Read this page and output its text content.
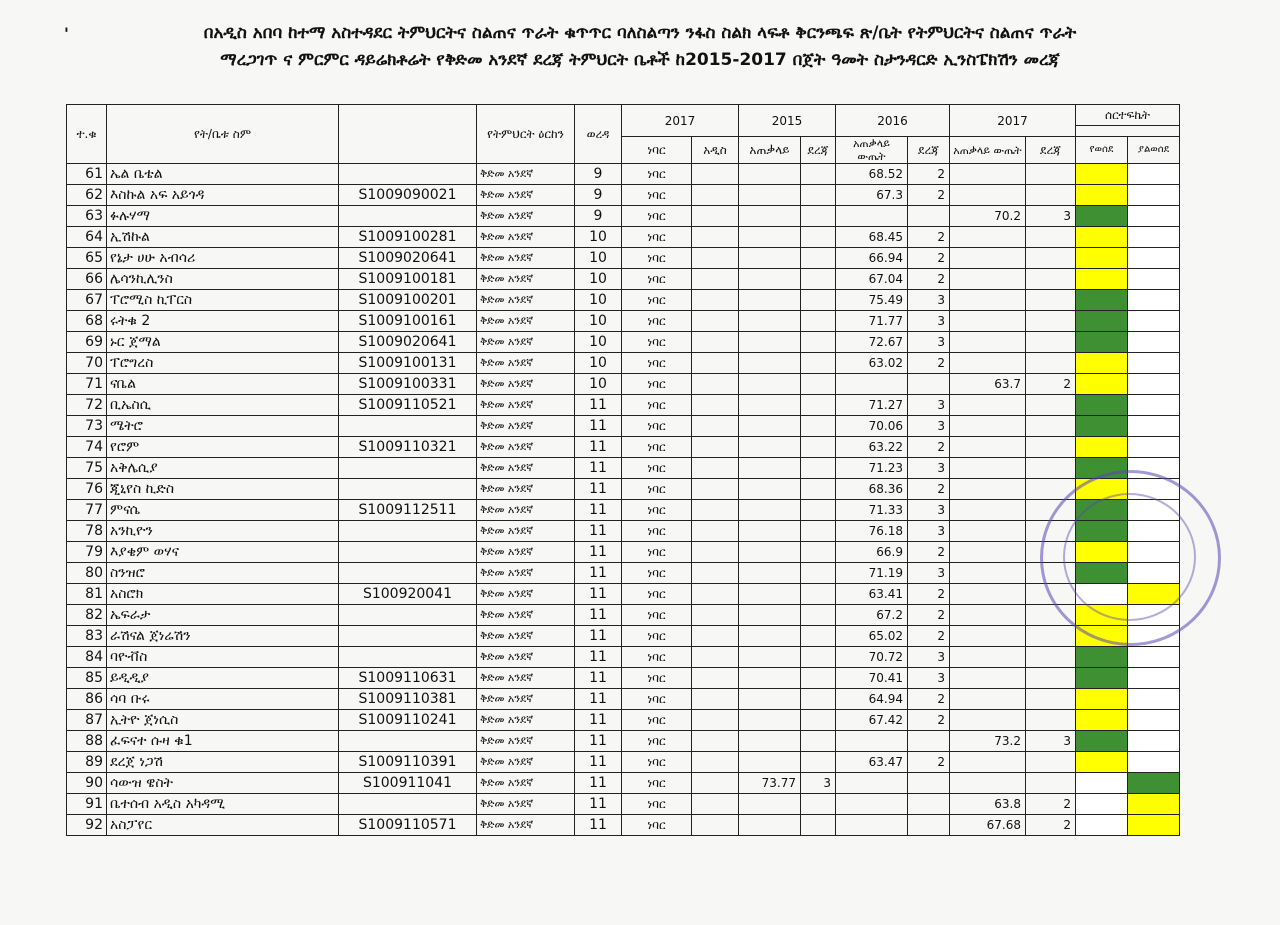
'	በአዲስ አበባ ከተማ አስተዳደር ትምህርትና ስልጠና ጥራት ቁጥጥር ባለስልጣን ንፋስ ስልክ ላፍቶ ቅርንጫፍ ጽ/ቤት የትምህርትና ስልጠና ጥራት
ማረጋገጥ ና ምርምር ዳይሬክቶሬት የቅድመ አንደኛ ደረጃ ትምህርት ቤቶች ከ2015-2017 በጀት ዓመት ስታንዳርድ ኢንስፔክሽን መረጃ
ተ.ቁ	የት/ቤቱ ስም		የትምህርት ዕርከን	ወረዳ	2017		2015		2016		2017		ሰርተፍኬት	

					ነባር	አዲስ	አጠቃላይ	ደረጃ	አጠቃላይ ውጤት	ደረጃ	አጠቃላይ ውጤት	ደረጃ	የወሰደ	ያልወሰደ
61	ኤል ቤቴል		ቅድመ አንደኛ	9	ነባር				68.52	2				
62	እስኩል አፍ አይጎዳ	S1009090021	ቅድመ አንደኛ	9	ነባር				67.3	2				
63	ፉሉሃማ		ቅድመ አንደኛ	9	ነባር						70.2	3		
64	ኢሽኩል	S1009100281	ቅድመ አንደኛ	10	ነባር				68.45	2				
65	የኔታ ሀሁ አብሳሪ	S1009020641	ቅድመ አንደኛ	10	ነባር				66.94	2				
66	ሌሳንኪሊንስ	S1009100181	ቅድመ አንደኛ	10	ነባር				67.04	2				
67	ፐሮሚስ ኪፐርስ	S1009100201	ቅድመ አንደኛ	10	ነባር				75.49	3				
68	ሩትቁ 2	S1009100161	ቅድመ አንደኛ	10	ነባር				71.77	3				
69	ኑር ጀማል	S1009020641	ቅድመ አንደኛ	10	ነባር				72.67	3				
70	ፐሮግረስ	S1009100131	ቅድመ አንደኛ	10	ነባር				63.02	2				
71	ናቤል	S1009100331	ቅድመ አንደኛ	10	ነባር						63.7	2		
72	ቢኤስሲ	S1009110521	ቅድመ አንደኛ	11	ነባር				71.27	3				
73	ሜትሮ		ቅድመ አንደኛ	11	ነባር				70.06	3				
74	የሮም	S1009110321	ቅድመ አንደኛ	11	ነባር				63.22	2				
75	አቅሌሲያ		ቅድመ አንደኛ	11	ነባር				71.23	3				
76	ጂኒየስ ኪድስ		ቅድመ አንደኛ	11	ነባር				68.36	2				
77	ምናሴ	S1009112511	ቅድመ አንደኛ	11	ነባር				71.33	3				
78	አንኪዮን		ቅድመ አንደኛ	11	ነባር				76.18	3				
79	እያቄም ወሃና		ቅድመ አንደኛ	11	ነባር				66.9	2				
80	ስንዝሮ		ቅድመ አንደኛ	11	ነባር				71.19	3				
81	አስሮክ	S100920041	ቅድመ አንደኛ	11	ነባር				63.41	2				
82	ኤፍራታ		ቅድመ አንደኛ	11	ነባር				67.2	2				
83	ራሽናል ጀነሬሽን		ቅድመ አንደኛ	11	ነባር				65.02	2				
84	ባዮቭስ		ቅድመ አንደኛ	11	ነባር				70.72	3				
85	ይዲዲያ	S1009110631	ቅድመ አንደኛ	11	ነባር				70.41	3				
86	ሳባ ቡሩ	S1009110381	ቅድመ አንደኛ	11	ነባር				64.94	2				
87	ኢትዮ ጀነሲስ	S1009110241	ቅድመ አንደኛ	11	ነባር				67.42	2				
88	ፈፍናተ ሱዛ ቁ1		ቅድመ አንደኛ	11	ነባር						73.2	3		
89	ደረጀ ነጋሽ	S1009110391	ቅድመ አንደኛ	11	ነባር				63.47	2				
90	ሳውዝ ዌስት	S100911041	ቅድመ አንደኛ	11	ነባር		73.77	3						
91	ቤተሰብ አዲስ አካዳሚ		ቅድመ አንደኛ	11	ነባር						63.8	2		
92	አስፓየር	S1009110571	ቅድመ አንደኛ	11	ነባር						67.68	2		
